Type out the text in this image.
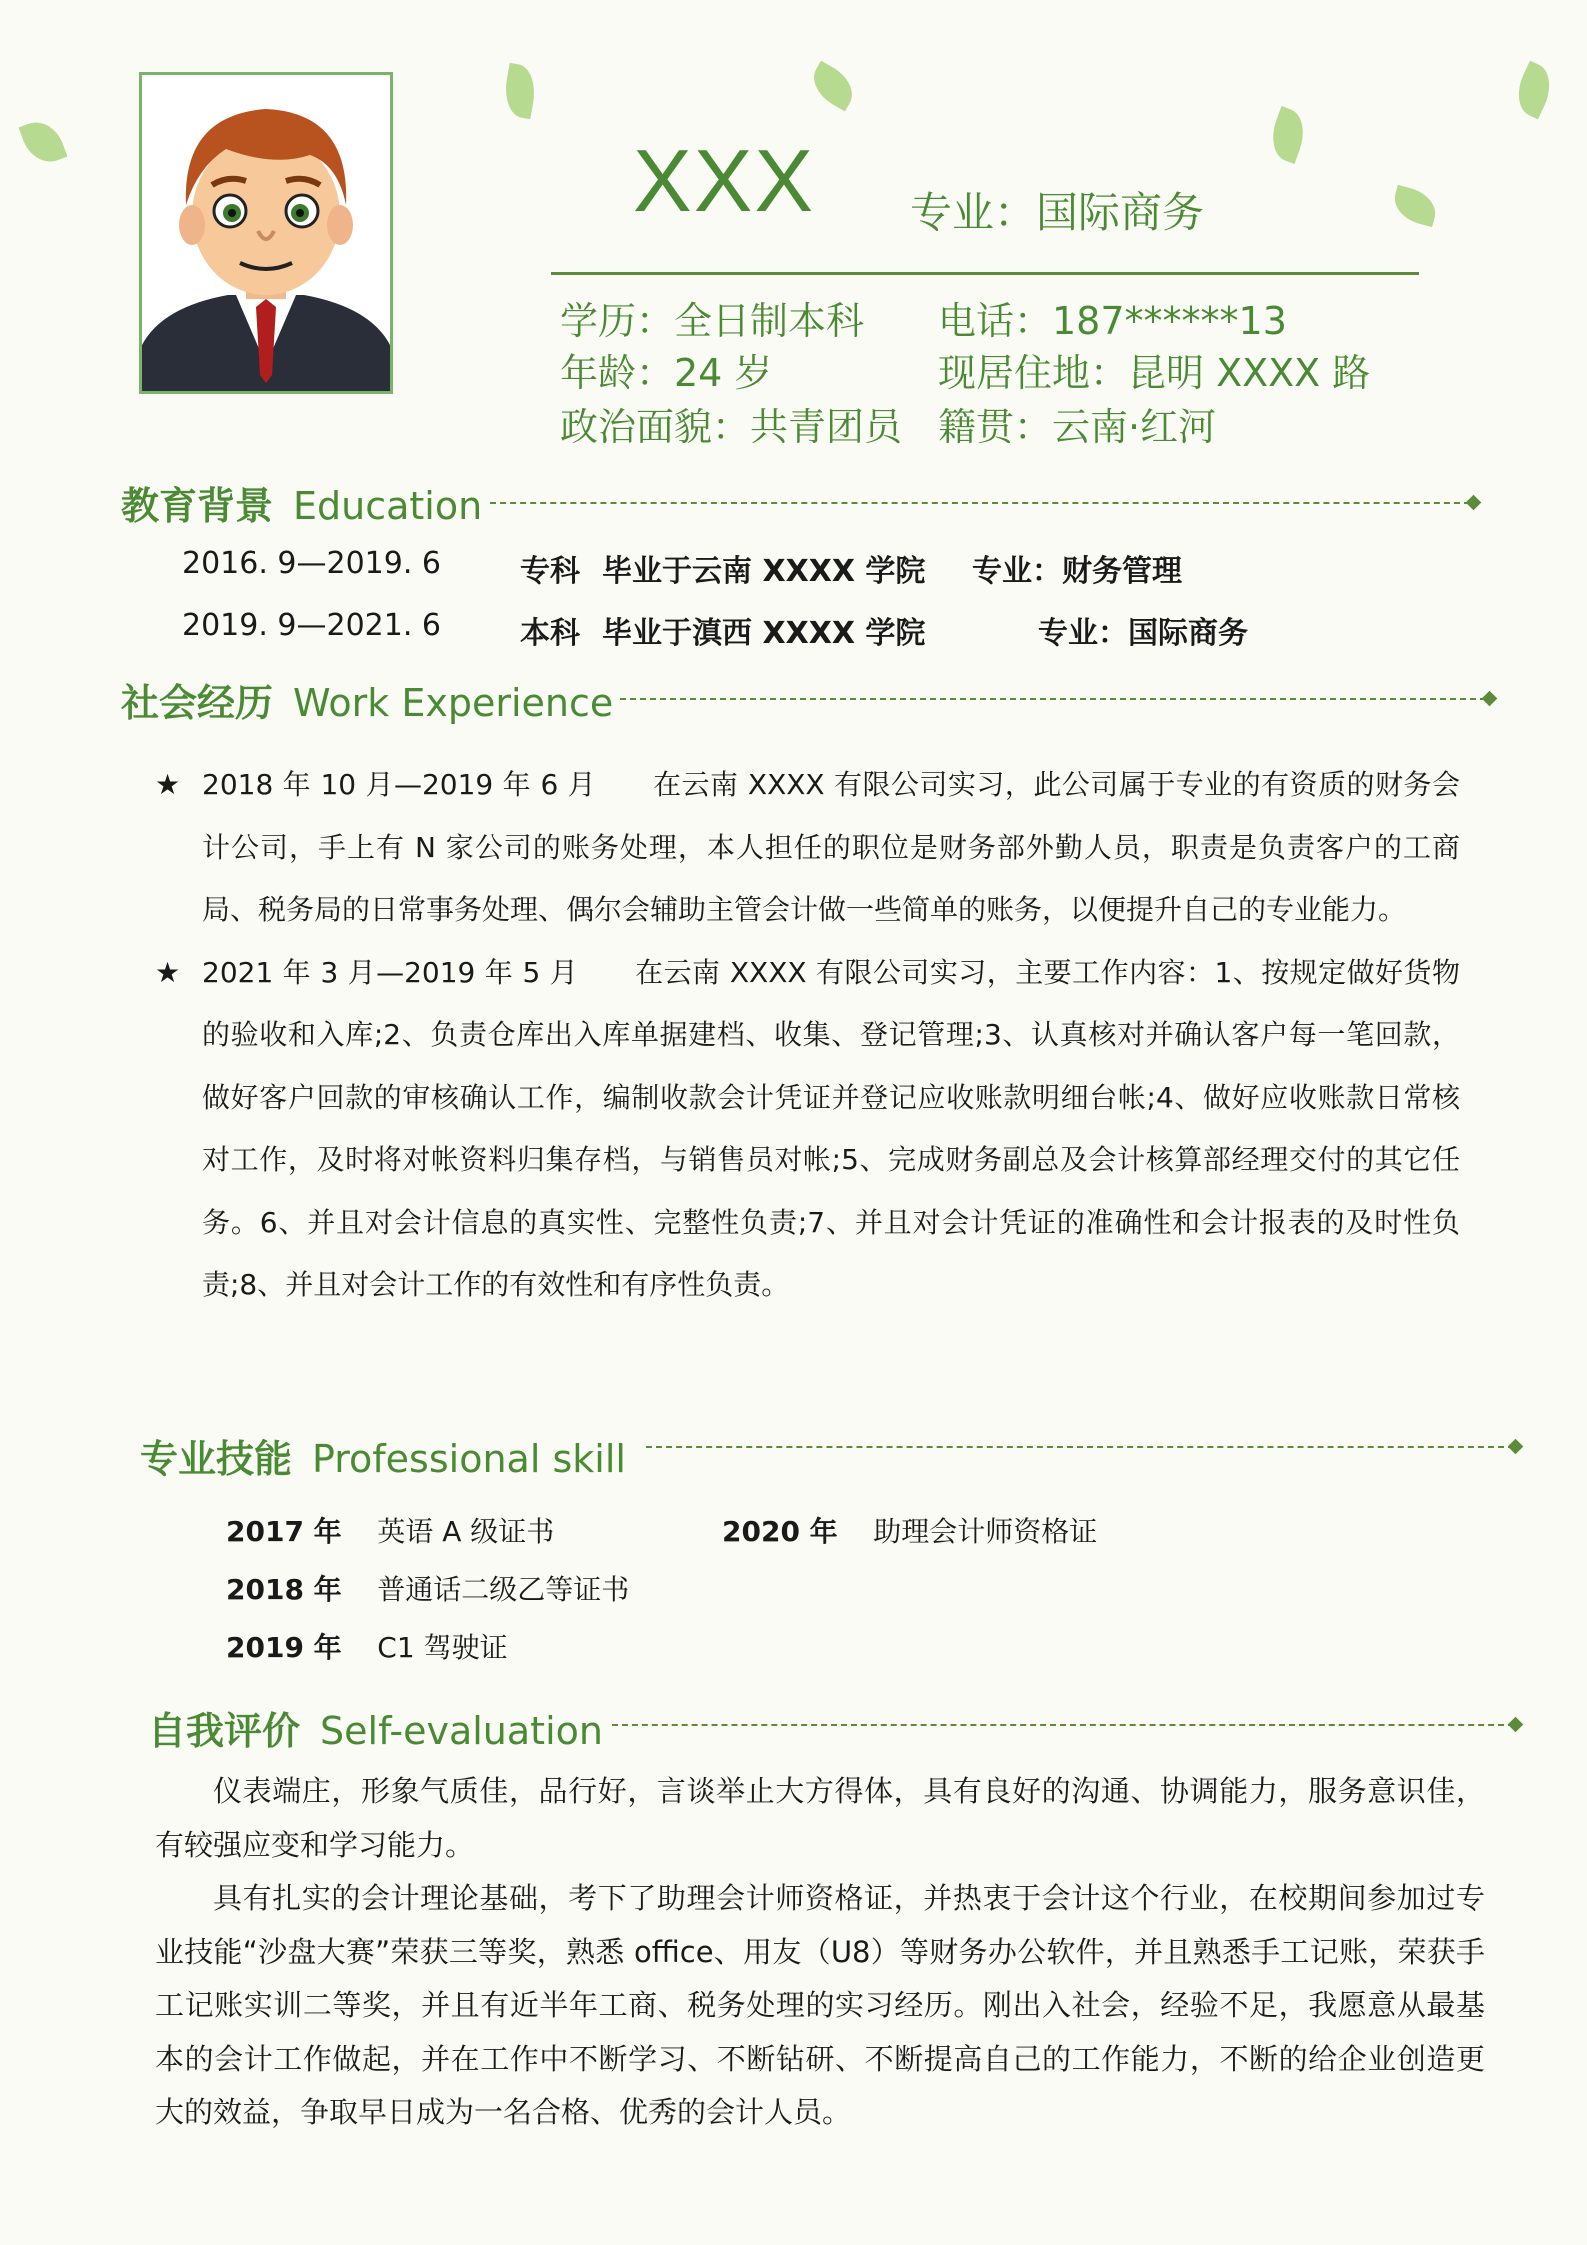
XXX 专业：国际商务
学历：全日制本科 电话：187******13
年龄：24 岁	现居住地：昆明 XXXX 路
政治面貌：共青团员 籍贯：云南·红河
教育背景 Education
2016. 9—2019. 6	专科 毕业于云南 XXXX 学院 专业：财务管理
2019. 9—2021. 6	本科 毕业于滇西 XXXX 学院	专业：国际商务
社会经历 Work Experience

★ 2018 年 10 月—2019 年 6 月　　在云南 XXXX 有限公司实习，此公司属于专业的有资质的财务会计公司，手上有 N 家公司的账务处理，本人担任的职位是财务部外勤人员，职责是负责客户的工商局、税务局的日常事务处理、偶尔会辅助主管会计做一些简单的账务，以便提升自己的专业能力。

★ 2021 年 3 月—2019 年 5 月　　在云南 XXXX 有限公司实习，主要工作内容：1、按规定做好货物的验收和入库;2、负责仓库出入库单据建档、收集、登记管理;3、认真核对并确认客户每一笔回款，做好客户回款的审核确认工作，编制收款会计凭证并登记应收账款明细台帐;4、做好应收账款日常核对工作，及时将对帐资料归集存档，与销售员对帐;5、完成财务副总及会计核算部经理交付的其它任务。6、并且对会计信息的真实性、完整性负责;7、并且对会计凭证的准确性和会计报表的及时性负责;8、并且对会计工作的有效性和有序性负责。

专业技能 Professional skill
2017 年 英语 A 级证书	2020 年 助理会计师资格证
2018 年 普通话二级乙等证书
2019 年 C1 驾驶证
自我评价 Self-evaluation

仪表端庄，形象气质佳，品行好，言谈举止大方得体，具有良好的沟通、协调能力，服务意识佳，有较强应变和学习能力。

具有扎实的会计理论基础，考下了助理会计师资格证，并热衷于会计这个行业，在校期间参加过专业技能“沙盘大赛”荣获三等奖，熟悉 office、用友（U8）等财务办公软件，并且熟悉手工记账，荣获手工记账实训二等奖，并且有近半年工商、税务处理的实习经历。刚出入社会，经验不足，我愿意从最基本的会计工作做起，并在工作中不断学习、不断钻研、不断提高自己的工作能力，不断的给企业创造更大的效益，争取早日成为一名合格、优秀的会计人员。
